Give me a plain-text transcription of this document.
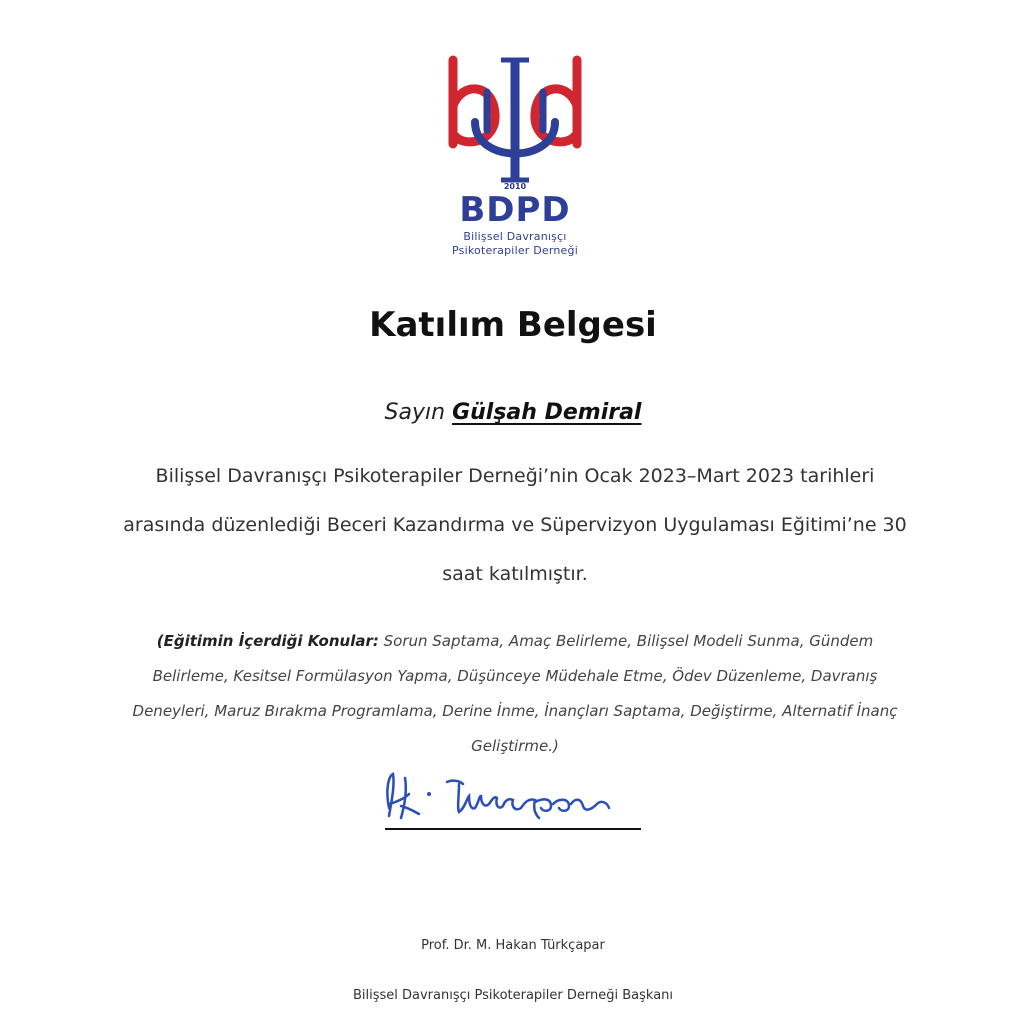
2010
BDPD
Bilişsel Davranışçı
Psikoterapiler Derneği
Katılım Belgesi
Sayın Gülşah Demiral
Bilişsel Davranışçı Psikoterapiler Derneği’nin Ocak 2023–Mart 2023 tarihleri arasında düzenlediği Beceri Kazandırma ve Süpervizyon Uygulaması Eğitimi’ne 30 saat katılmıştır.
(Eğitimin İçerdiği Konular: Sorun Saptama, Amaç Belirleme, Bilişsel Modeli Sunma, Gündem Belirleme, Kesitsel Formülasyon Yapma, Düşünceye Müdehale Etme, Ödev Düzenleme, Davranış Deneyleri, Maruz Bırakma Programlama, Derine İnme, İnançları Saptama, Değiştirme, Alternatif İnanç Geliştirme.)
Prof. Dr. M. Hakan Türkçapar
Bilişsel Davranışçı Psikoterapiler Derneği Başkanı
